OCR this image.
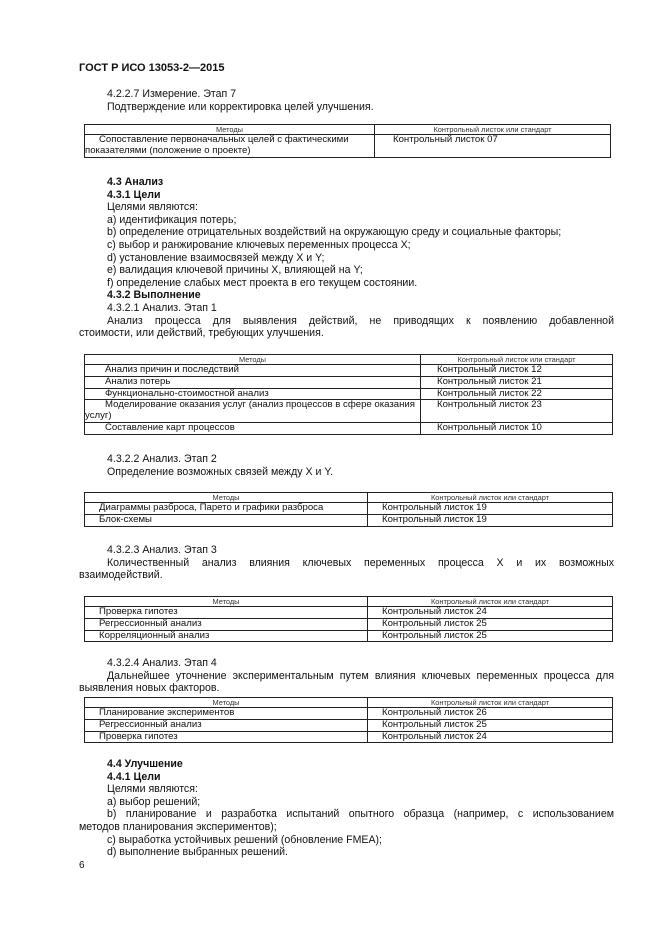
ГОСТ Р ИСО 13053-2—2015
4.2.2.7 Измерение. Этап 7
Подтверждение или корректировка целей улучшения.
Методы	Контрольный листок или стандарт
Сопоставление первоначальных целей с фактическими показателями (положение о проекте)	Контрольный листок 07
4.3 Анализ
4.3.1 Цели
Целями являются:
a) идентификация потерь;
b) определение отрицательных воздействий на окружающую среду и социальные факторы;
c) выбор и ранжирование ключевых переменных процесса X;
d) установление взаимосвязей между X и Y;
e) валидация ключевой причины X, влияющей на Y;
f) определение слабых мест проекта в его текущем состоянии.
4.3.2 Выполнение
4.3.2.1 Анализ. Этап 1
Анализ процесса для выявления действий, не приводящих к появлению добавленной
стоимости, или действий, требующих улучшения.
Методы	Контрольный листок или стандарт
Анализ причин и последствий	Контрольный листок 12
Анализ потерь	Контрольный листок 21
Функционально-стоимостной анализ	Контрольный листок 22
Моделирование оказания услуг (анализ процессов в сфере оказания услуг)	Контрольный листок 23
Составление карт процессов	Контрольный листок 10
4.3.2.2 Анализ. Этап 2
Определение возможных связей между X и Y.
Методы	Контрольный листок или стандарт
Диаграммы разброса, Парето и графики разброса	Контрольный листок 19
Блок-схемы	Контрольный листок 19
4.3.2.3 Анализ. Этап 3
Количественный анализ влияния ключевых переменных процесса X и их возможных
взаимодействий.
Методы	Контрольный листок или стандарт
Проверка гипотез	Контрольный листок 24
Регрессионный анализ	Контрольный листок 25
Корреляционный анализ	Контрольный листок 25
4.3.2.4 Анализ. Этап 4
Дальнейшее уточнение экспериментальным путем влияния ключевых переменных процесса для
выявления новых факторов.
Методы	Контрольный листок или стандарт
Планирование экспериментов	Контрольный листок 26
Регрессионный анализ	Контрольный листок 25
Проверка гипотез	Контрольный листок 24
4.4 Улучшение
4.4.1 Цели
Целями являются:
a) выбор решений;
b) планирование и разработка испытаний опытного образца (например, с использованием
методов планирования экспериментов);
c) выработка устойчивых решений (обновление FMEA);
d) выполнение выбранных решений.
6
